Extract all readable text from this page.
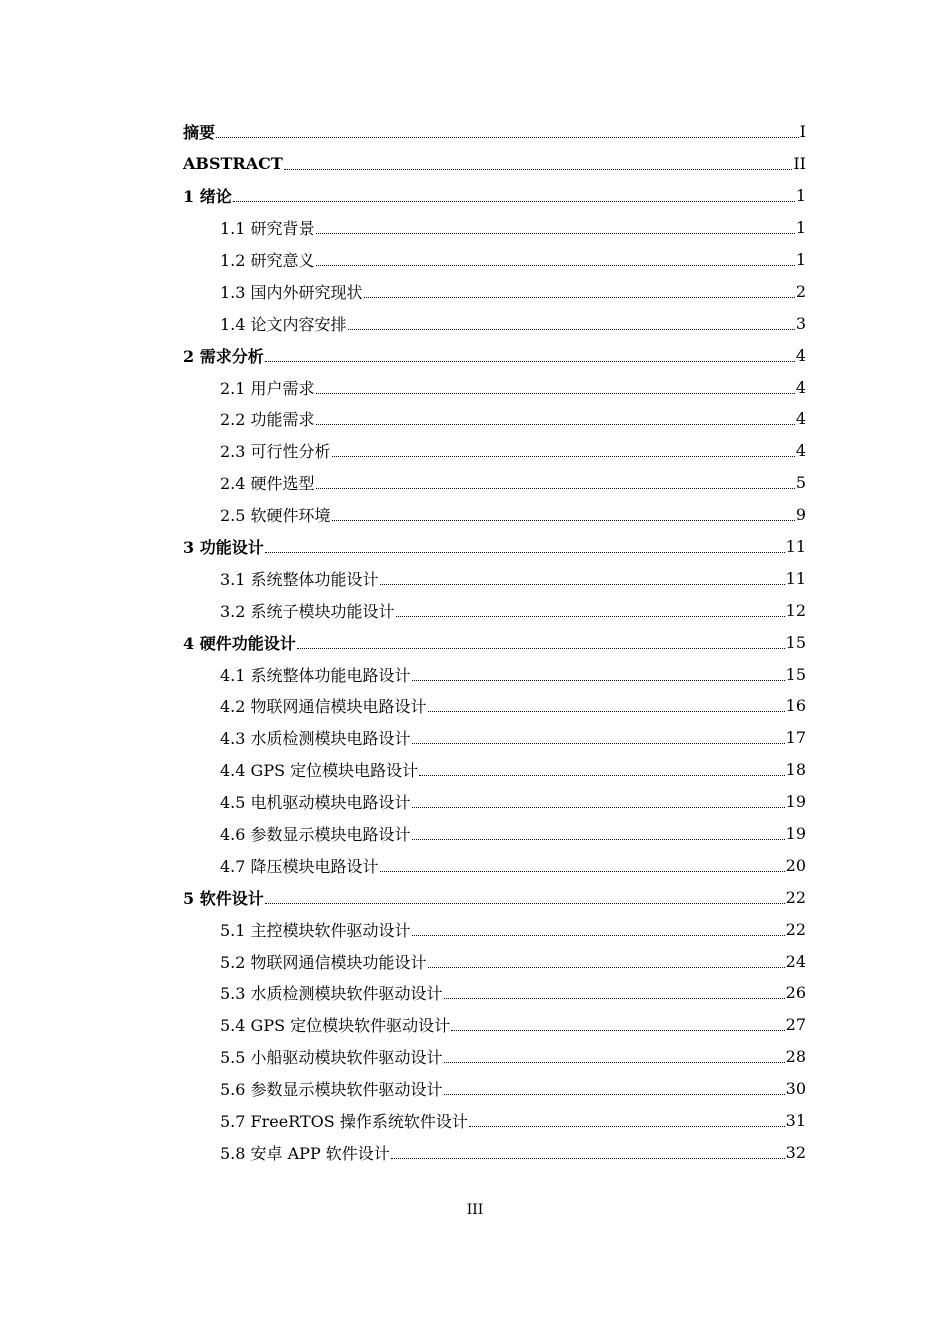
摘要	I
ABSTRACT	II
1 绪论	1
1.1 研究背景	1
1.2 研究意义	1
1.3 国内外研究现状	2
1.4 论文内容安排	3
2 需求分析	4
2.1 用户需求	4
2.2 功能需求	4
2.3 可行性分析	4
2.4 硬件选型	5
2.5 软硬件环境	9
3 功能设计	11
3.1 系统整体功能设计	11
3.2 系统子模块功能设计	12
4 硬件功能设计	15
4.1 系统整体功能电路设计	15
4.2 物联网通信模块电路设计	16
4.3 水质检测模块电路设计	17
4.4 GPS 定位模块电路设计	18
4.5 电机驱动模块电路设计	19
4.6 参数显示模块电路设计	19
4.7 降压模块电路设计	20
5 软件设计	22
5.1 主控模块软件驱动设计	22
5.2 物联网通信模块功能设计	24
5.3 水质检测模块软件驱动设计	26
5.4 GPS 定位模块软件驱动设计	27
5.5 小船驱动模块软件驱动设计	28
5.6 参数显示模块软件驱动设计	30
5.7 FreeRTOS 操作系统软件设计	31
5.8 安卓 APP 软件设计	32
III
